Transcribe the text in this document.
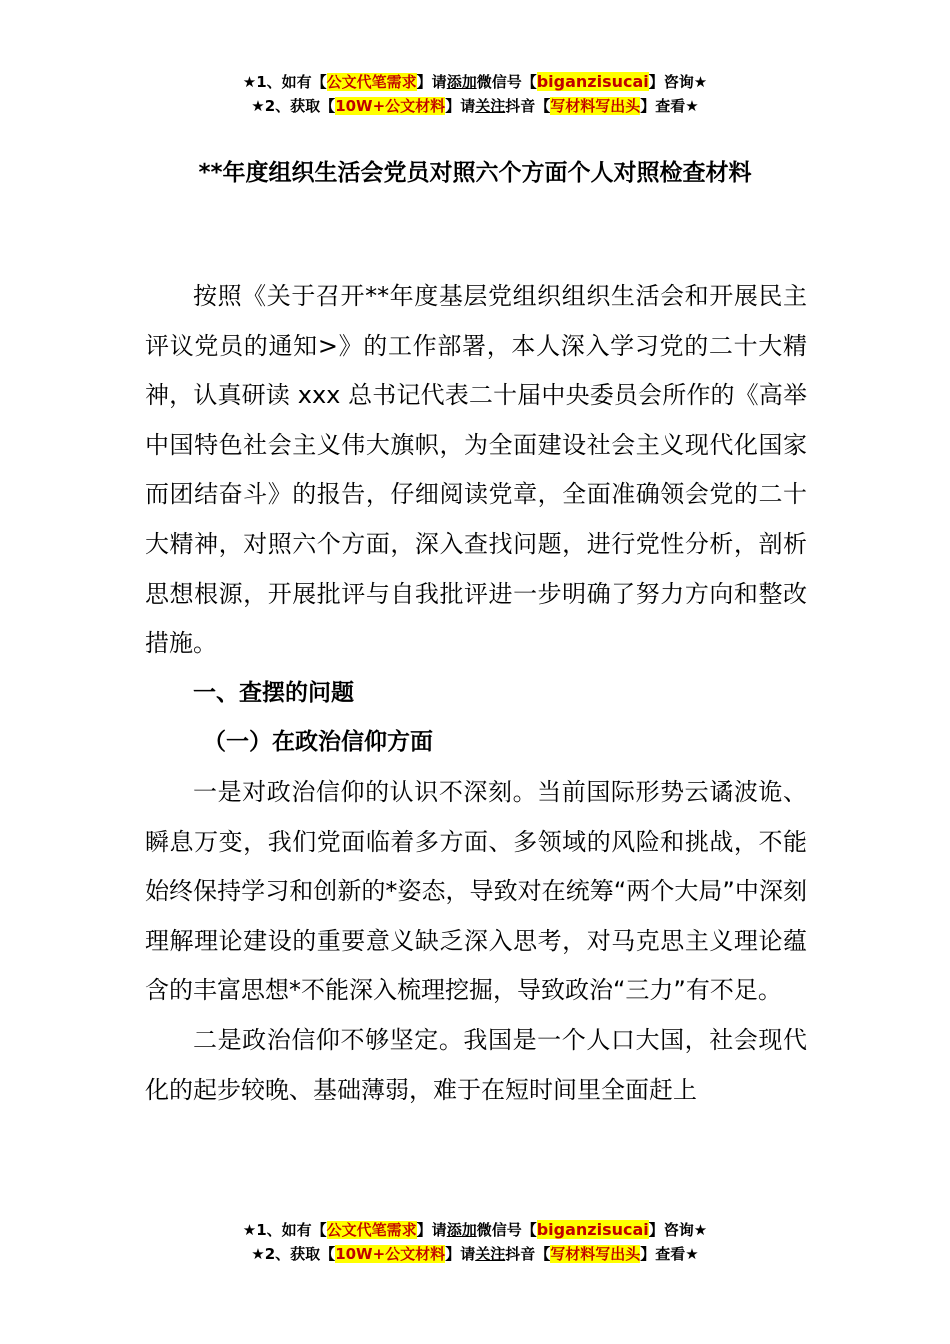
★1、如有【公文代笔需求】请添加微信号【biganzisucai】咨询★
★2、获取【10W+公文材料】请关注抖音【写材料写出头】查看★
**年度组织生活会党员对照六个方面个人对照检查材料

按照《关于召开**年度基层党组织组织生活会和开展民主评议党员的通知>》的工作部署，本人深入学习党的二十大精神，认真研读 xxx 总书记代表二十届中央委员会所作的《高举中国特色社会主义伟大旗帜，为全面建设社会主义现代化国家而团结奋斗》的报告，仔细阅读党章，全面准确领会党的二十大精神，对照六个方面，深入查找问题，进行党性分析，剖析思想根源，开展批评与自我批评进一步明确了努力方向和整改措施。

一、查摆的问题

（一）在政治信仰方面

一是对政治信仰的认识不深刻。当前国际形势云谲波诡、瞬息万变，我们党面临着多方面、多领域的风险和挑战，不能始终保持学习和创新的*姿态，导致对在统筹“两个大局”中深刻理解理论建设的重要意义缺乏深入思考，对马克思主义理论蕴含的丰富思想*不能深入梳理挖掘，导致政治“三力”有不足。

二是政治信仰不够坚定。我国是一个人口大国，社会现代化的起步较晚、基础薄弱，难于在短时间里全面赶上

★1、如有【公文代笔需求】请添加微信号【biganzisucai】咨询★
★2、获取【10W+公文材料】请关注抖音【写材料写出头】查看★
